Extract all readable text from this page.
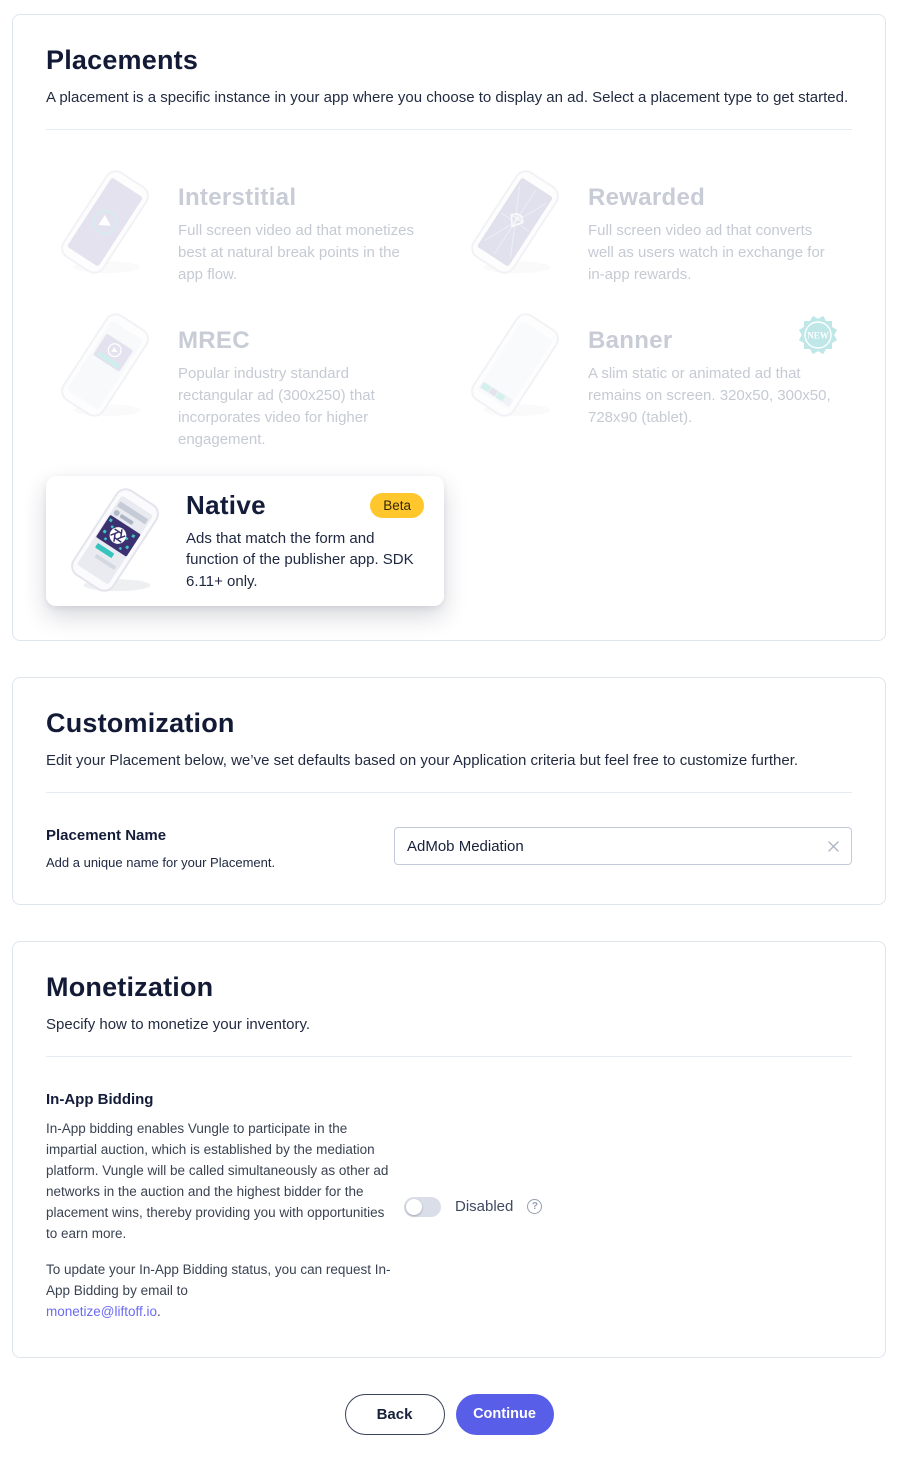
Placements

A placement is a specific instance in your app where you choose to display an ad. Select a placement type to get started.

Interstitial

Full screen video ad that monetizes best at natural break points in the app flow.

Rewarded

Full screen video ad that converts well as users watch in exchange for in-app rewards.

MREC

Popular industry standard rectangular ad (300x250) that incorporates video for higher engagement.

Banner

A slim static or animated ad that remains on screen. 320x50, 300x50, 728x90 (tablet).

NEW
Native	Beta

Ads that match the form and function of the publisher app. SDK 6.11+ only.

Customization

Edit your Placement below, we’ve set defaults based on your Application criteria but feel free to customize further.

Placement Name
Add a unique name for your Placement.
AdMob Mediation
Monetization

Specify how to monetize your inventory.

In-App Bidding

In-App bidding enables Vungle to participate in the impartial auction, which is established by the mediation platform. Vungle will be called simultaneously as other ad networks in the auction and the highest bidder for the placement wins, thereby providing you with opportunities to earn more.

To update your In-App Bidding status, you can request In-App Bidding by email to
monetize@liftoff.io.

Disabled	?
Back	Continue
